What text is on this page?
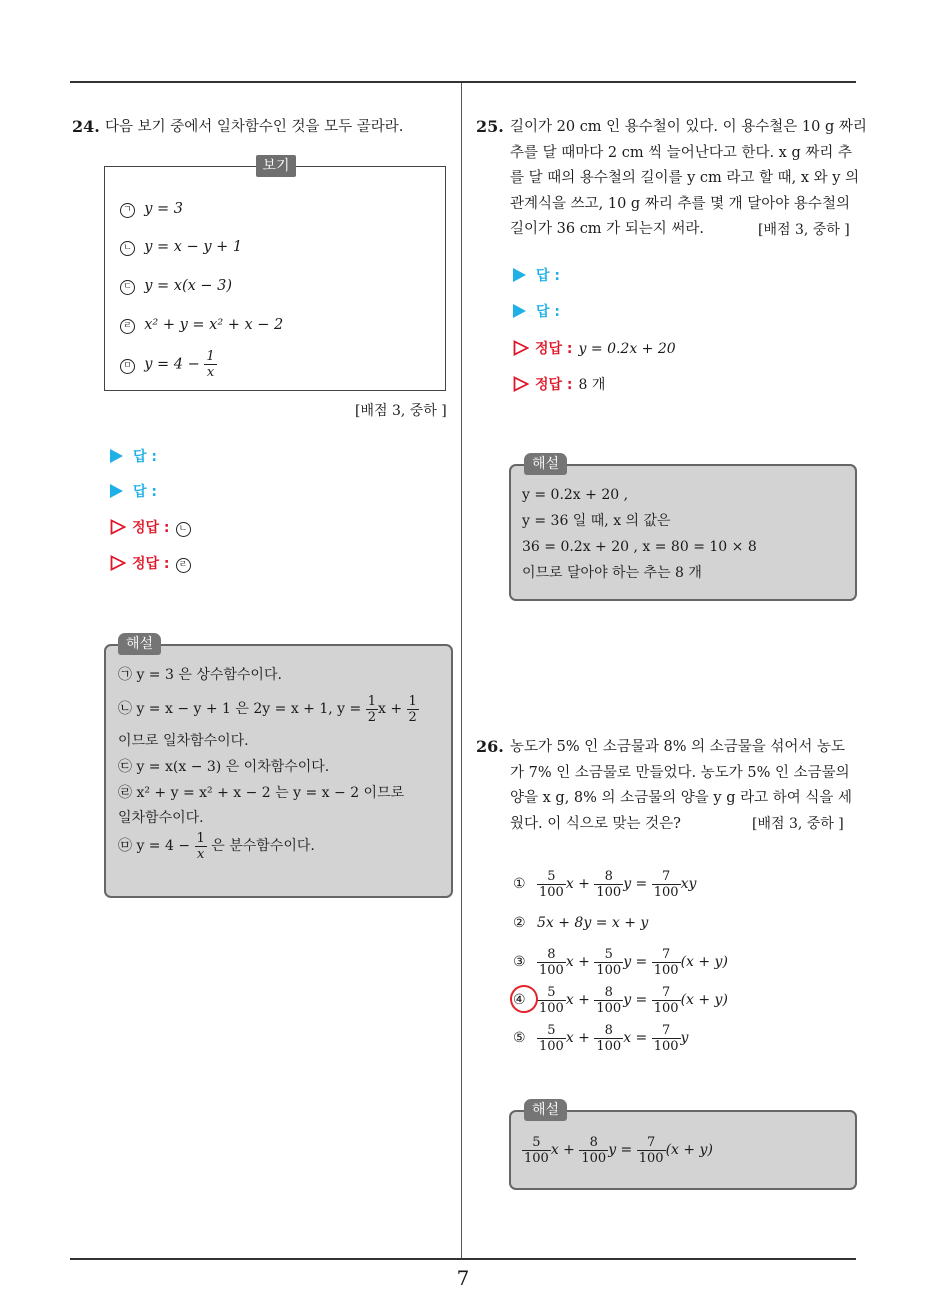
24. 다음 보기 중에서 일차함수인 것을 모두 골라라.
보기
ㄱ y = 3
ㄴ y = x − y + 1
ㄷ y = x(x − 3)
ㄹ x² + y = x² + x − 2
ㅁ $y = 4 - \frac{1}{x}$
[배점 3, 중하 ]
답 :
답 :
정답 : ㄴ
정답 : ㄹ
해설
㉠ y = 3 은 상수함수이다.
㉡ y = x − y + 1 은 2y = x + 1, $y = \frac{1}{2}$ $x + \frac{1}{2}$
이므로 일차함수이다.
㉢ y = x(x − 3) 은 이차함수이다.
㉣ x² + y = x² + x − 2 는 y = x − 2 이므로
일차함수이다.
㉤ $y = 4 - \frac{1}{x}$ 은 분수함수이다.
25. 길이가 20 cm 인 용수철이 있다. 이 용수철은 10 g 짜리
추를 달 때마다 2 cm 씩 늘어난다고 한다. x g 짜리 추
를 달 때의 용수철의 길이를 y cm 라고 할 때, x 와 y 의
관계식을 쓰고, 10 g 짜리 추를 몇 개 달아야 용수철의
길이가 36 cm 가 되는지 써라.	[배점 3, 중하 ]
답 :
답 :
정답 : y = 0.2x + 20
정답 : 8 개
해설
y = 0.2x + 20 ,
y = 36 일 때, x 의 값은
36 = 0.2x + 20 , x = 80 = 10 × 8
이므로 달아야 하는 추는 8 개
26. 농도가 5% 인 소금물과 8% 의 소금물을 섞어서 농도
가 7% 인 소금물로 만들었다. 농도가 5% 인 소금물의
양을 x g, 8% 의 소금물의 양을 y g 라고 하여 식을 세
웠다. 이 식으로 맞는 것은?	[배점 3, 중하 ]
① $\frac{5}{100}$ $x + \frac{8}{100}$ $y = \frac{7}{100}$ xy
② 5x + 8y = x + y
③ $\frac{8}{100}$ $x + \frac{5}{100}$ $y = \frac{7}{100} (x + y)$
④ $\frac{5}{100}$ $x + \frac{8}{100}$ $y = \frac{7}{100} (x + y)$
⑤ $\frac{5}{100}$ $x + \frac{8}{100}$ $x = \frac{7}{100}$ y
해설
$\frac{5}{100}$ $x + \frac{8}{100}$ $y = \frac{7}{100} (x + y)$
7
